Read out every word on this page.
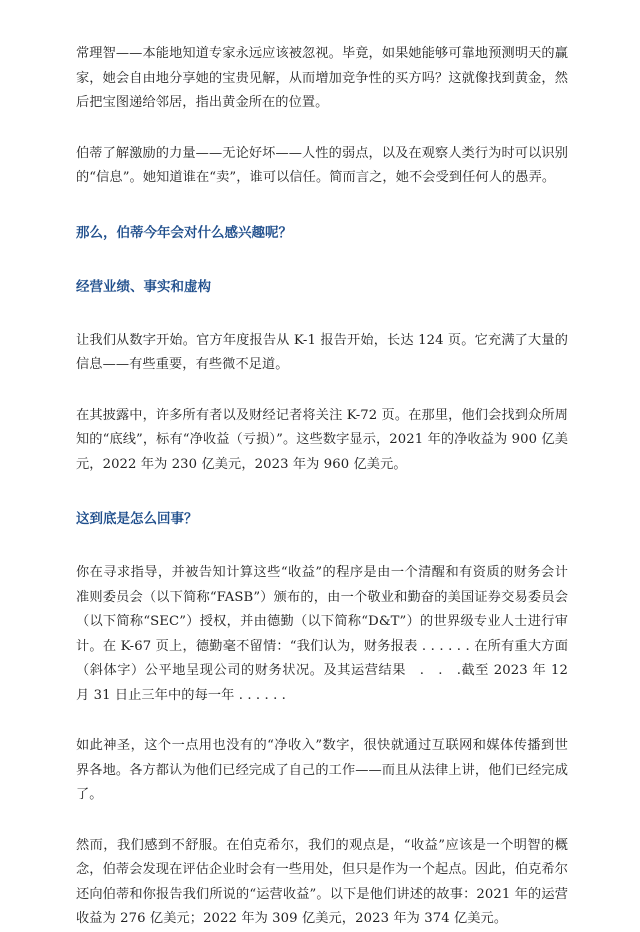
常理智——本能地知道专家永远应该被忽视。毕竟，如果她能够可靠地预测明天的赢家，她会自由地分享她的宝贵见解，从而增加竞争性的买方吗？这就像找到黄金，然后把宝图递给邻居，指出黄金所在的位置。

伯蒂了解激励的力量——无论好坏——人性的弱点，以及在观察人类行为时可以识别的“信息”。她知道谁在“卖”，谁可以信任。简而言之，她不会受到任何人的愚弄。

那么，伯蒂今年会对什么感兴趣呢？

经营业绩、事实和虚构

让我们从数字开始。官方年度报告从 K-1 报告开始，长达 124 页。它充满了大量的信息——有些重要，有些微不足道。

在其披露中，许多所有者以及财经记者将关注 K-72 页。在那里，他们会找到众所周知的“底线”，标有“净收益（亏损）”。这些数字显示，2021 年的净收益为 900 亿美元，2022 年为 230 亿美元，2023 年为 960 亿美元。

这到底是怎么回事？

你在寻求指导，并被告知计算这些“收益”的程序是由一个清醒和有资质的财务会计准则委员会（以下简称“FASB”）颁布的，由一个敬业和勤奋的美国证券交易委员会（以下简称“SEC”）授权，并由德勤（以下简称“D&T”）的世界级专业人士进行审计。在 K-67 页上，德勤毫不留情：“我们认为，财务报表 . . . . . . 在所有重大方面（斜体字）公平地呈现公司的财务状况。及其运营结果　.　.　.截至 2023 年 12 月 31 日止三年中的每一年 . . . . . .

如此神圣，这个一点用也没有的“净收入”数字，很快就通过互联网和媒体传播到世界各地。各方都认为他们已经完成了自己的工作——而且从法律上讲，他们已经完成了。

然而，我们感到不舒服。在伯克希尔，我们的观点是，“收益”应该是一个明智的概念，伯蒂会发现在评估企业时会有一些用处，但只是作为一个起点。因此，伯克希尔还向伯蒂和你报告我们所说的“运营收益”。以下是他们讲述的故事：2021 年的运营收益为 276 亿美元；2022 年为 309 亿美元，2023 年为 374 亿美元。
